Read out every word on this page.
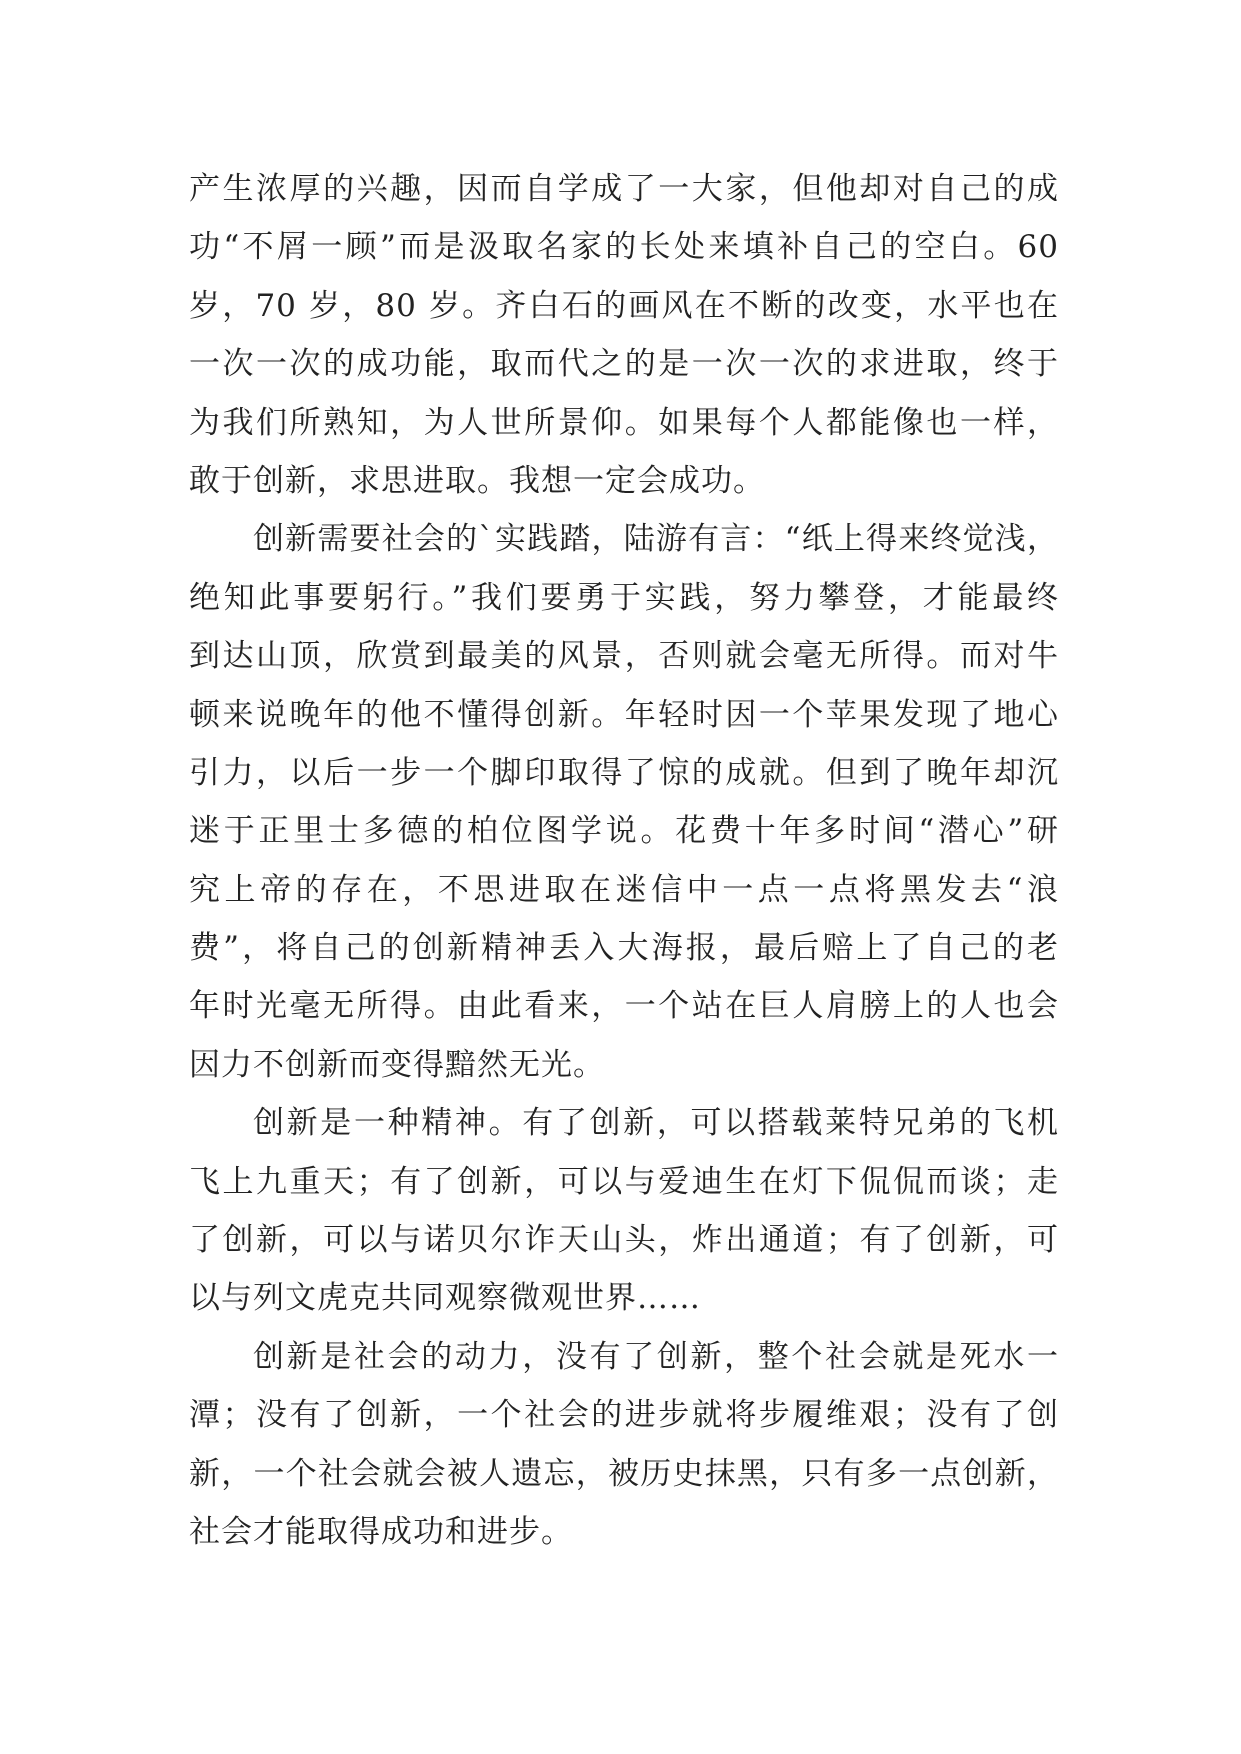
产生浓厚的兴趣，因而自学成了一大家，但他却对自己的成
功“不屑一顾”而是汲取名家的长处来填补自己的空白。60
岁，70 岁，80 岁。齐白石的画风在不断的改变，水平也在
一次一次的成功能，取而代之的是一次一次的求进取，终于
为我们所熟知，为人世所景仰。如果每个人都能像也一样，
敢于创新，求思进取。我想一定会成功。
创新需要社会的`实践踏，陆游有言：“纸上得来终觉浅，
绝知此事要躬行。”我们要勇于实践，努力攀登，才能最终
到达山顶，欣赏到最美的风景，否则就会毫无所得。而对牛
顿来说晚年的他不懂得创新。年轻时因一个苹果发现了地心
引力，以后一步一个脚印取得了惊的成就。但到了晚年却沉
迷于正里士多德的柏位图学说。花费十年多时间“潜心”研
究上帝的存在，不思进取在迷信中一点一点将黑发去“浪
费”，将自己的创新精神丢入大海报，最后赔上了自己的老
年时光毫无所得。由此看来，一个站在巨人肩膀上的人也会
因力不创新而变得黯然无光。
创新是一种精神。有了创新，可以搭载莱特兄弟的飞机
飞上九重天；有了创新，可以与爱迪生在灯下侃侃而谈；走
了创新，可以与诺贝尔诈天山头，炸出通道；有了创新，可
以与列文虎克共同观察微观世界……
创新是社会的动力，没有了创新，整个社会就是死水一
潭；没有了创新，一个社会的进步就将步履维艰；没有了创
新，一个社会就会被人遗忘，被历史抹黑，只有多一点创新，
社会才能取得成功和进步。
